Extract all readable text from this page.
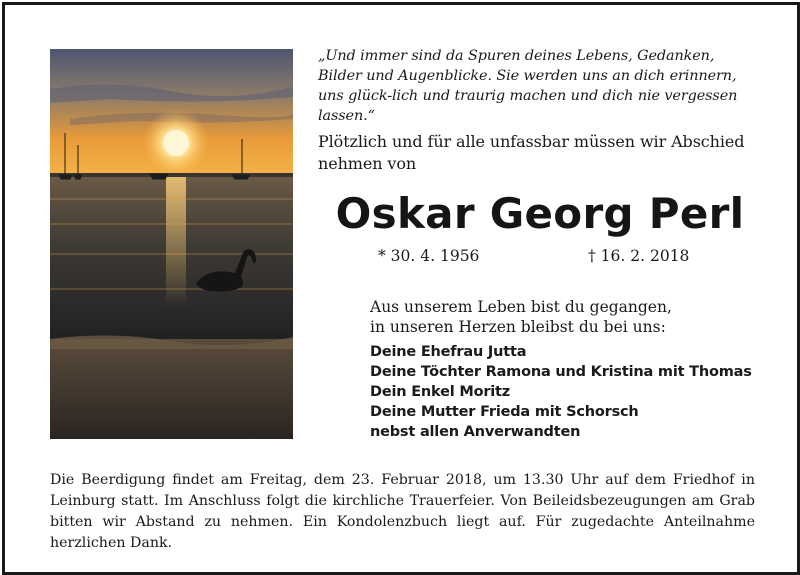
„Und immer sind da Spuren deines Lebens, Gedanken, Bilder und Augenblicke. Sie werden uns an dich erinnern, uns glück-lich und traurig machen und dich nie vergessen lassen.“
Plötzlich und für alle unfassbar müssen wir Abschied nehmen von
Oskar Georg Perl
* 30. 4. 1956	† 16. 2. 2018
Aus unserem Leben bist du gegangen,
in unseren Herzen bleibst du bei uns:
Deine Ehefrau Jutta
Deine Töchter Ramona und Kristina mit Thomas
Dein Enkel Moritz
Deine Mutter Frieda mit Schorsch
nebst allen Anverwandten
Die Beerdigung findet am Freitag, dem 23. Februar 2018, um 13.30 Uhr auf dem Friedhof in Leinburg statt. Im Anschluss folgt die kirchliche Trauerfeier. Von Beileidsbezeugungen am Grab bitten wir Abstand zu nehmen. Ein Kondolenzbuch liegt auf. Für zugedachte Anteilnahme herzlichen Dank.
